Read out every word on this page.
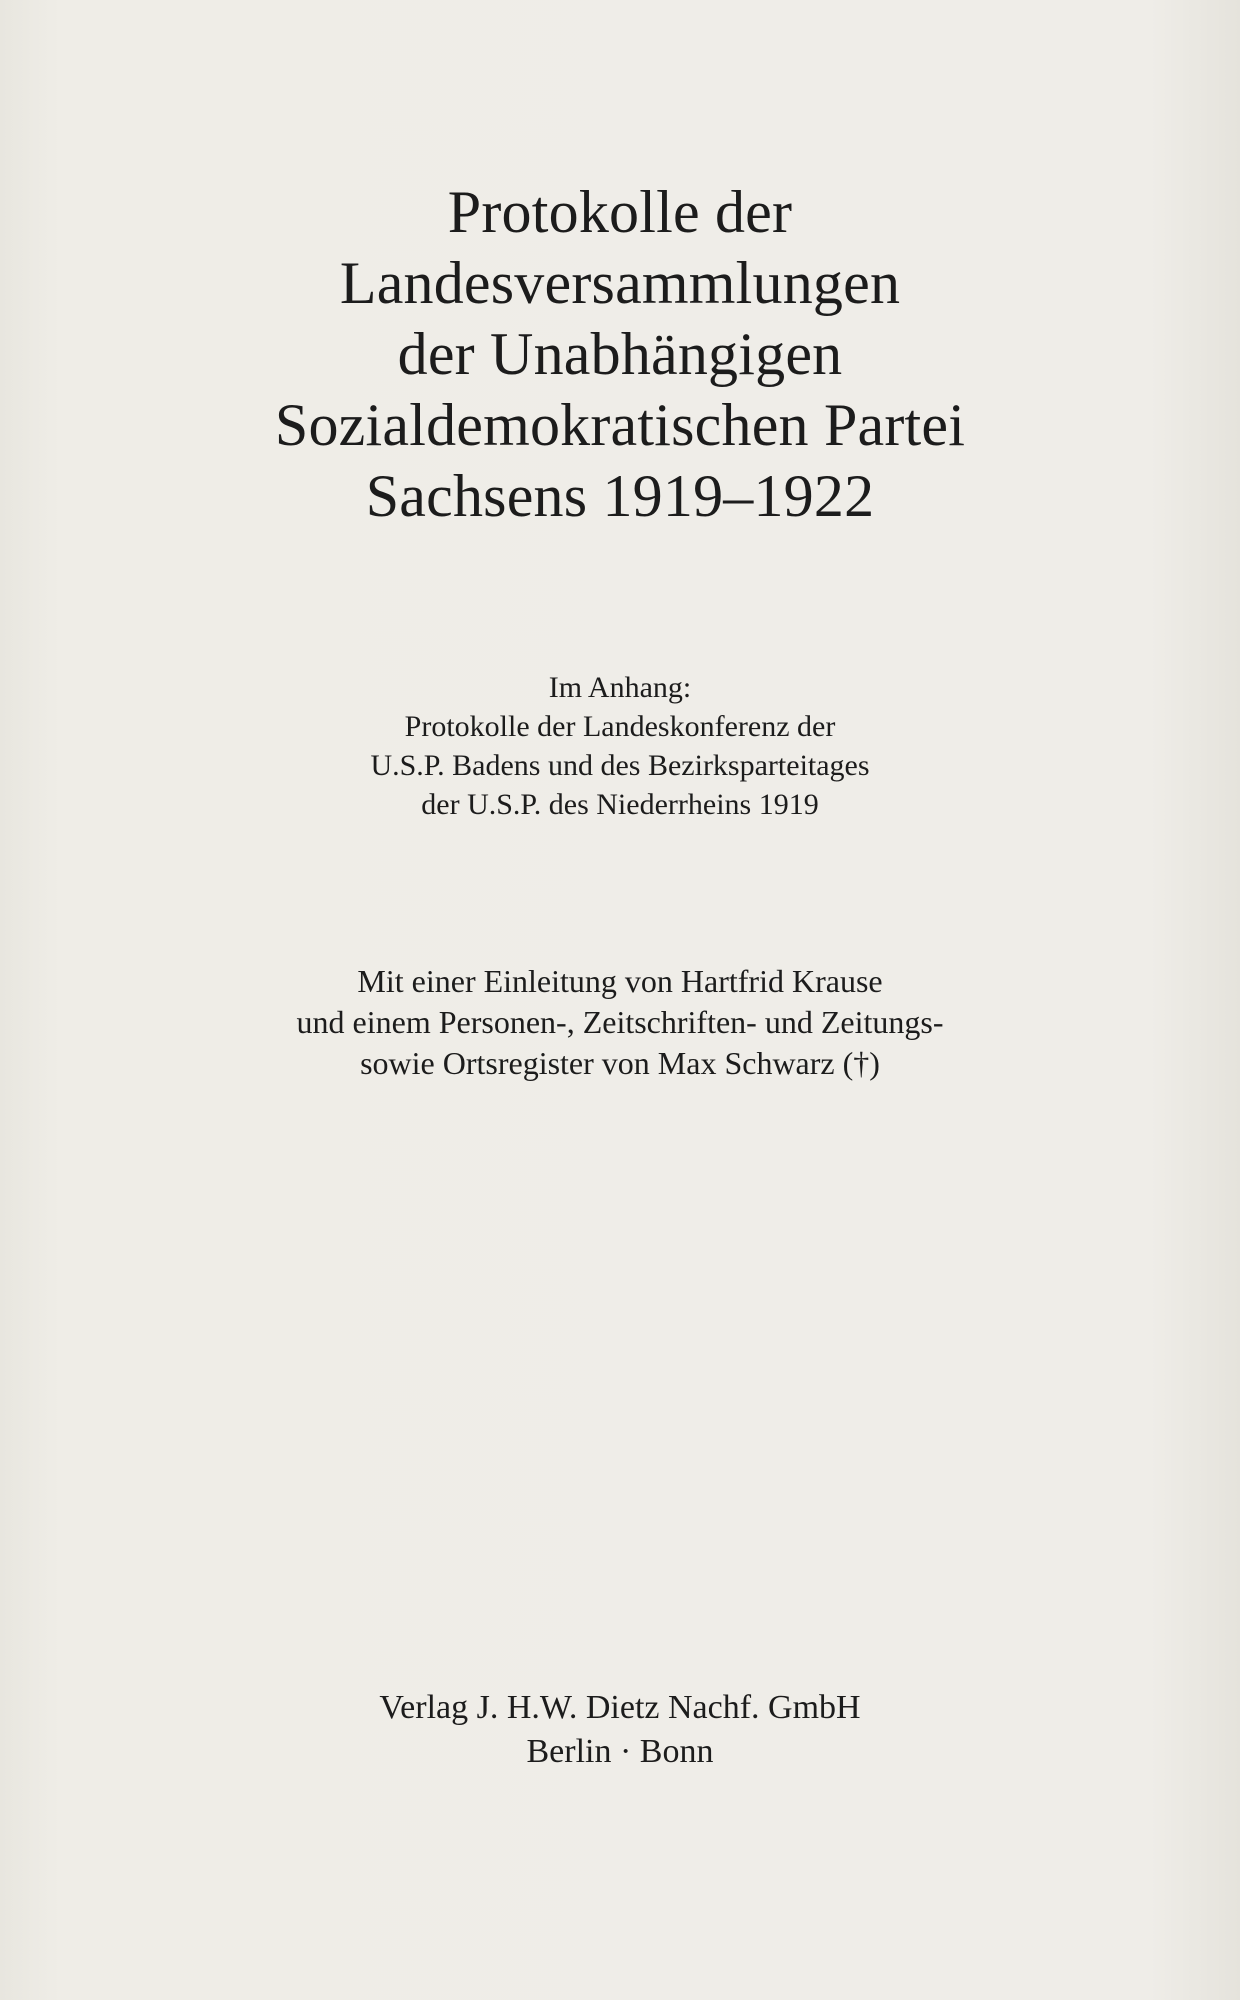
Protokolle der
Landesversammlungen
der Unabhängigen
Sozialdemokratischen Partei
Sachsens 1919–1922
Im Anhang:
Protokolle der Landeskonferenz der
U.S.P. Badens und des Bezirksparteitages
der U.S.P. des Niederrheins 1919
Mit einer Einleitung von Hartfrid Krause
und einem Personen-, Zeitschriften- und Zeitungs-
sowie Ortsregister von Max Schwarz (†)
Verlag J. H.W. Dietz Nachf. GmbH
Berlin · Bonn
